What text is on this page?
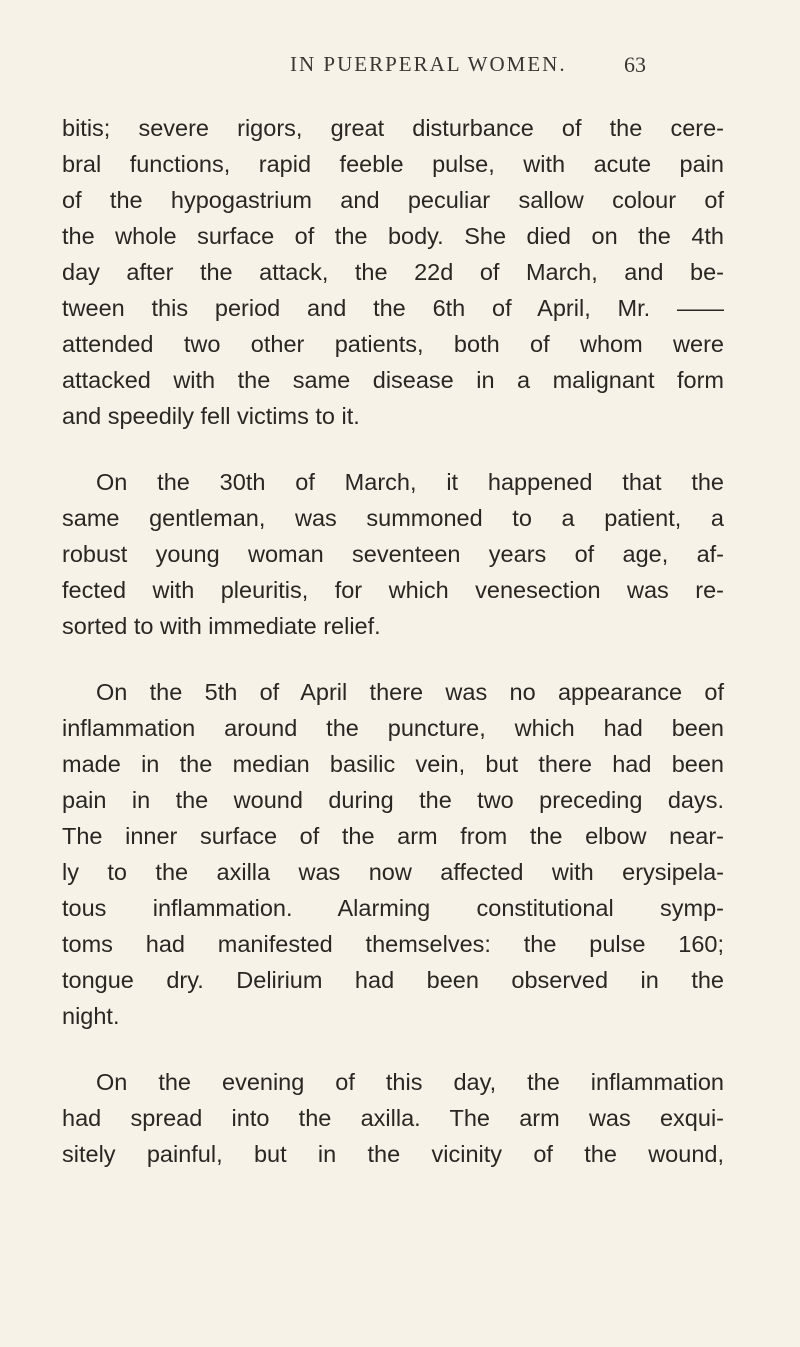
IN PUERPERAL WOMEN.	63
bitis; severe rigors, great disturbance of the cere-
bral functions, rapid feeble pulse, with acute pain
of the hypogastrium and peculiar sallow colour of
the whole surface of the body. She died on the 4th
day after the attack, the 22d of March, and be-
tween this period and the 6th of April, Mr. ——
attended two other patients, both of whom were
attacked with the same disease in a malignant form
and speedily fell victims to it.
On the 30th of March, it happened that the
same gentleman, was summoned to a patient, a
robust young woman seventeen years of age, af-
fected with pleuritis, for which venesection was re-
sorted to with immediate relief.
On the 5th of April there was no appearance of
inflammation around the puncture, which had been
made in the median basilic vein, but there had been
pain in the wound during the two preceding days.
The inner surface of the arm from the elbow near-
ly to the axilla was now affected with erysipela-
tous inflammation. Alarming constitutional symp-
toms had manifested themselves: the pulse 160;
tongue dry. Delirium had been observed in the
night.
On the evening of this day, the inflammation
had spread into the axilla. The arm was exqui-
sitely painful, but in the vicinity of the wound,
